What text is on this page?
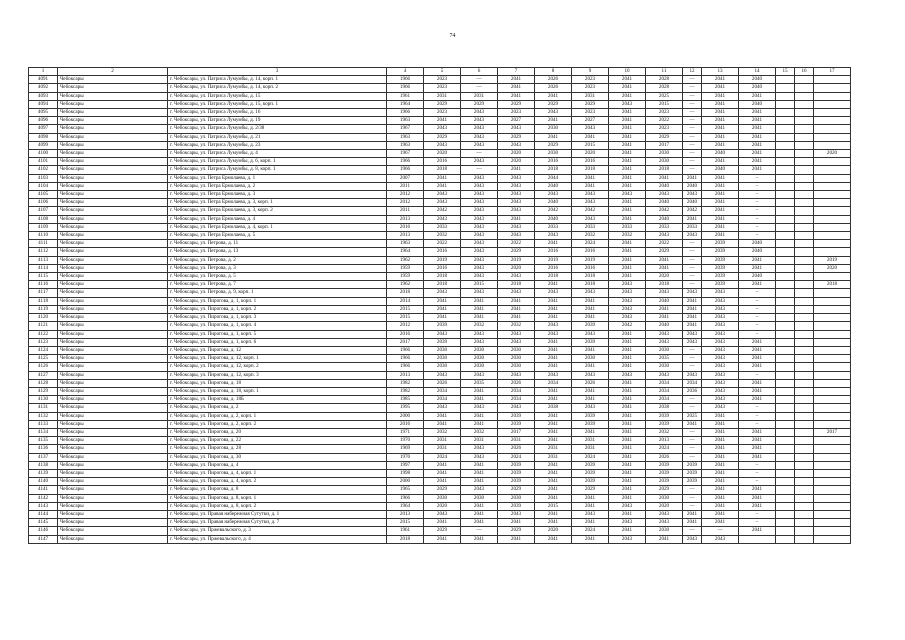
74
1	2	3	4	5	6	7	8	9	10	11	12	13	14	15	16	17
4091	Чебоксары	г. Чебоксары, ул. Патриса Лумумбы, д. 14, корп. 1	1966	2023	—	2041	2026	2023	2041	2028	—	2041	2040			
4092	Чебоксары	г. Чебоксары, ул. Патриса Лумумбы, д. 14, корп. 2	1966	2023	—	2041	2026	2023	2041	2028	—	2041	2040			
4093	Чебоксары	г. Чебоксары, ул. Патриса Лумумбы, д. 15	1961	2031	2031	2041	2041	2031	2041	2025	—	2041	2041			
4094	Чебоксары	г. Чебоксары, ул. Патриса Лумумбы, д. 15, корп. 1	1964	2029	2029	2029	2029	2029	2043	2015	—	2041	2040			
4095	Чебоксары	г. Чебоксары, ул. Патриса Лумумбы, д. 16	1966	2023	2043	2023	2043	2023	2041	2023	—	2041	2041			
4096	Чебоксары	г. Чебоксары, ул. Патриса Лумумбы, д. 19	1963	2041	2043	2027	2041	2027	2041	2022	—	2041	2041			
4097	Чебоксары	г. Чебоксары, ул. Патриса Лумумбы, д. 2/38	1967	2043	2043	2043	2030	2043	2041	2023	—	2041	2041			
4098	Чебоксары	г. Чебоксары, ул. Патриса Лумумбы, д. 21	1963	2029	2043	2029	2041	2041	2041	2029	—	2041	2041			
4099	Чебоксары	г. Чебоксары, ул. Патриса Лумумбы, д. 23	1963	2043	2043	2043	2029	2015	2041	2017	—	2041	2041			
4100	Чебоксары	г. Чебоксары, ул. Патриса Лумумбы, д. 4	1967	2020	—	2020	2030	2020	2041	2030	—	2040	2041			2020
4101	Чебоксары	г. Чебоксары, ул. Патриса Лумумбы, д. 6, корп. 1	1966	2016	2043	2020	2016	2016	2041	2030	—	2041	2041			
4102	Чебоксары	г. Чебоксары, ул. Патриса Лумумбы, д. 8, корп. 1	1966	2018	—	2041	2018	2018	2041	2018	—	2040	2041			
4103	Чебоксары	г. Чебоксары, ул. Петра Ермолаева, д. 1	2007	2041	2043	2043	2044	2041	2041	2041	2041	2041	–			
4104	Чебоксары	г. Чебоксары, ул. Петра Ермолаева, д. 2	2011	2041	2043	2043	2040	2041	2041	2040	2040	2041	–			
4105	Чебоксары	г. Чебоксары, ул. Петра Ермолаева, д. 3	2012	2043	2043	2043	2043	2043	2043	2043	2043	2041	–			
4106	Чебоксары	г. Чебоксары, ул. Петра Ермолаева, д. 3, корп. 1	2012	2043	2043	2043	2040	2043	2041	2040	2040	2041	–			
4107	Чебоксары	г. Чебоксары, ул. Петра Ермолаева, д. 3, корп. 2	2011	2042	2043	2043	2042	2042	2041	2042	2042	2041	–			
4108	Чебоксары	г. Чебоксары, ул. Петра Ермолаева, д. 4	2013	2043	2043	2041	2040	2043	2041	2040	2041	2041	–			
4109	Чебоксары	г. Чебоксары, ул. Петра Ермолаева, д. 4, корп. 1	2016	2033	2043	2043	2033	2033	2033	2033	2033	2041	–			
4110	Чебоксары	г. Чебоксары, ул. Петра Ермолаева, д. 5	2013	2032	2043	2043	2043	2032	2032	2043	2043	2041	–			
4111	Чебоксары	г. Чебоксары, ул. Петрова, д. 11	1963	2022	2043	2022	2041	2024	2041	2022	—	2039	2040			
4112	Чебоксары	г. Чебоксары, ул. Петрова, д. 13	1964	2016	2043	2029	2016	2016	2041	2029	—	2039	2040			
4113	Чебоксары	г. Чебоксары, ул. Петрова, д. 2	1962	2019	2043	2019	2019	2019	2041	2041	—	2039	2041			2019
4114	Чебоксары	г. Чебоксары, ул. Петрова, д. 3	1959	2016	2043	2020	2016	2016	2041	2041	—	2039	2041			2020
4115	Чебоксары	г. Чебоксары, ул. Петрова, д. 5	1959	2018	2043	2043	2018	2018	2041	2020	—	2039	2040			
4116	Чебоксары	г. Чебоксары, ул. Петрова, д. 7	1962	2018	2015	2018	2041	2018	2043	2018	—	2039	2041			2018
4117	Чебоксары	г. Чебоксары, ул. Петрова, д. 9, корп. 1	2018	2043	2043	2043	2043	2043	2043	2043	2043	2043	–			
4118	Чебоксары	г. Чебоксары, ул. Пирогова, д. 1, корп. 1	2014	2041	2041	2041	2041	2041	2043	2040	2041	2043	–			
4119	Чебоксары	г. Чебоксары, ул. Пирогова, д. 1, корп. 2	2015	2041	2041	2041	2041	2041	2043	2041	2041	2043	–			
4120	Чебоксары	г. Чебоксары, ул. Пирогова, д. 1, корп. 3	2015	2041	2041	2041	2041	2041	2043	2041	2041	2043	–			
4121	Чебоксары	г. Чебоксары, ул. Пирогова, д. 1, корп. 4	2012	2039	2032	2032	2043	2039	2042	2040	2041	2043	–			
4122	Чебоксары	г. Чебоксары, ул. Пирогова, д. 1, корп. 5	2016	2043	2043	2043	2043	2043	2041	2043	2043	2043	–			
4123	Чебоксары	г. Чебоксары, ул. Пирогова, д. 1, корп. 6	2017	2039	2043	2043	2041	2039	2041	2043	2043	2043	2041			
4124	Чебоксары	г. Чебоксары, ул. Пирогова, д. 12	1966	2030	2030	2030	2041	2041	2041	2030	—	2043	2041			
4125	Чебоксары	г. Чебоксары, ул. Пирогова, д. 12, корп. 1	1966	2030	2030	2030	2041	2030	2041	2035	—	2043	2041			
4126	Чебоксары	г. Чебоксары, ул. Пирогова, д. 12, корп. 2	1966	2030	2030	2030	2041	2041	2041	2030	—	2043	2041			
4127	Чебоксары	г. Чебоксары, ул. Пирогова, д. 12, корп. 3	2013	2043	2043	2043	2043	2043	2043	2043	2043	2043	–			
4128	Чебоксары	г. Чебоксары, ул. Пирогова, д. 18	1982	2026	2035	2026	2034	2026	2041	2034	2034	2043	2041			
4129	Чебоксары	г. Чебоксары, ул. Пирогова, д. 18, корп. 1	1982	2034	2041	2034	2041	2041	2041	2034	2036	2043	2041			
4130	Чебоксары	г. Чебоксары, ул. Пирогова, д. 18Б	1985	2034	2041	2034	2041	2041	2041	2034	—	2043	2041			
4131	Чебоксары	г. Чебоксары, ул. Пирогова, д. 2	1995	2043	2043	2043	2038	2043	2041	2038	—	2043	–			
4132	Чебоксары	г. Чебоксары, ул. Пирогова, д. 2, корп. 1	2000	2041	2041	2039	2041	2039	2041	2039	2025	2041	–			
4133	Чебоксары	г. Чебоксары, ул. Пирогова, д. 2, корп. 2	2016	2041	2041	2039	2041	2039	2041	2039	2041	2041	–			
4134	Чебоксары	г. Чебоксары, ул. Пирогова, д. 20	1971	2032	2032	2017	2041	2041	2041	2032	—	2041	2041			2017
4135	Чебоксары	г. Чебоксары, ул. Пирогова, д. 22	1970	2031	2031	2031	2041	2031	2041	2013	—	2041	2041			
4136	Чебоксары	г. Чебоксары, ул. Пирогова, д. 28	1969	2031	2043	2026	2031	2031	2041	2024	—	2041	2041			
4137	Чебоксары	г. Чебоксары, ул. Пирогова, д. 30	1970	2024	2043	2024	2031	2024	2041	2026	—	2041	2041			
4138	Чебоксары	г. Чебоксары, ул. Пирогова, д. 4	1997	2041	2041	2039	2041	2039	2041	2039	2039	2041	–			
4139	Чебоксары	г. Чебоксары, ул. Пирогова, д. 4, корп. 1	1998	2041	2041	2039	2041	2039	2041	2039	2039	2041	–			
4140	Чебоксары	г. Чебоксары, ул. Пирогова, д. 4, корп. 2	2000	2041	2041	2039	2041	2039	2041	2039	2039	2041	–			
4141	Чебоксары	г. Чебоксары, ул. Пирогова, д. 8	1965	2029	2043	2029	2041	2029	2041	2029	—	2041	2041			
4142	Чебоксары	г. Чебоксары, ул. Пирогова, д. 8, корп. 1	1966	2030	2030	2030	2041	2041	2041	2030	—	2041	2041			
4143	Чебоксары	г. Чебоксары, ул. Пирогова, д. 8, корп. 2	1964	2020	2041	2039	2015	2041	2043	2020	—	2041	2041			
4144	Чебоксары	г. Чебоксары, ул. Правая набережная Сугутки, д. 1	2013	2043	2041	2043	2041	2043	2041	2043	2041	2041	–			
4145	Чебоксары	г. Чебоксары, ул. Правая набережная Сугутки, д. 7	2015	2041	2041	2041	2041	2041	2043	2043	2041	2041	–			
4146	Чебоксары	г. Чебоксары, ул. Пржевальского, д. 3	1961	2029	—	2029	2020	2024	2041	2030	—	—	2041			
4147	Чебоксары	г. Чебоксары, ул. Пржевальского, д. 4	2018	2041	2041	2041	2041	2041	2043	2041	2043	2043				
